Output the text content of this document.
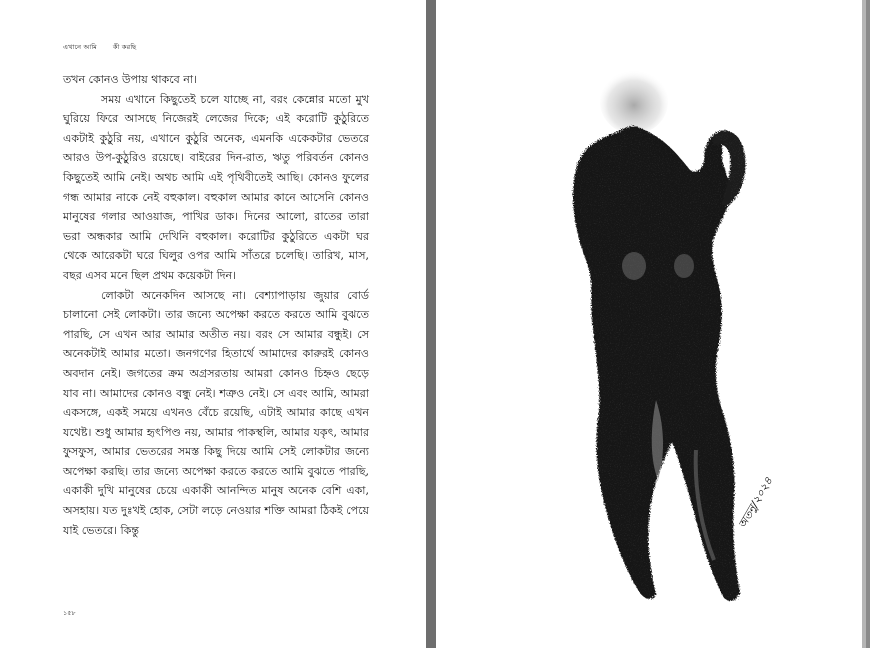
এখানে আমি কী করছি

তখন কোনও উপায় থাকবে না।

সময় এখানে কিছুতেই চলে যাচ্ছে না, বরং কেন্নোর মতো মুখ ঘুরিয়ে ফিরে আসছে নিজেরই লেজের দিকে; এই করোটি কুঠুরিতে একটাই কুঠুরি নয়, এখানে কুঠুরি অনেক, এমনকি একেকটার ভেতরে আরও উপ-কুঠুরিও রয়েছে। বাইরের দিন-রাত, ঋতু পরিবর্তন কোনও কিছুতেই আমি নেই। অথচ আমি এই পৃথিবীতেই আছি। কোনও ফুলের গন্ধ আমার নাকে নেই বহুকাল। বহুকাল আমার কানে আসেনি কোনও মানুষের গলার আওয়াজ, পাখির ডাক। দিনের আলো, রাতের তারা ভরা অন্ধকার আমি দেখিনি বহুকাল। করোটির কুঠুরিতে একটা ঘর থেকে আরেকটা ঘরে ঘিলুর ওপর আমি সাঁতরে চলেছি। তারিখ, মাস, বছর এসব মনে ছিল প্রথম কয়েকটা দিন।

লোকটা অনেকদিন আসছে না। বেশ্যাপাড়ায় জুয়ার বোর্ড চালানো সেই লোকটা। তার জন্যে অপেক্ষা করতে করতে আমি বুঝতে পারছি, সে এখন আর আমার অতীত নয়। বরং সে আমার বন্ধুই। সে অনেকটাই আমার মতো। জনগণের হিতার্থে আমাদের কারুরই কোনও অবদান নেই। জগতের ক্রম অগ্রসরতায় আমরা কোনও চিহ্নও ছেড়ে যাব না। আমাদের কোনও বন্ধু নেই। শত্রুও নেই। সে এবং আমি, আমরা একসঙ্গে, একই সময়ে এখনও বেঁচে রয়েছি, এটাই আমার কাছে এখন যথেষ্ট। শুধু আমার হৃৎপিণ্ড নয়, আমার পাকস্থলি, আমার যকৃৎ, আমার ফুসফুস, আমার ভেতরের সমস্ত কিছু দিয়ে আমি সেই লোকটার জন্যে অপেক্ষা করছি। তার জন্যে অপেক্ষা করতে করতে আমি বুঝতে পারছি, একাকী দুখি মানুষের চেয়ে একাকী আনন্দিত মানুষ অনেক বেশি একা, অসহায়। যত দুঃখই হোক, সেটা লড়ে নেওয়ার শক্তি আমরা ঠিকই পেয়ে যাই ভেতরে। কিন্তু

১৫৮
অতনু/২০২৪
